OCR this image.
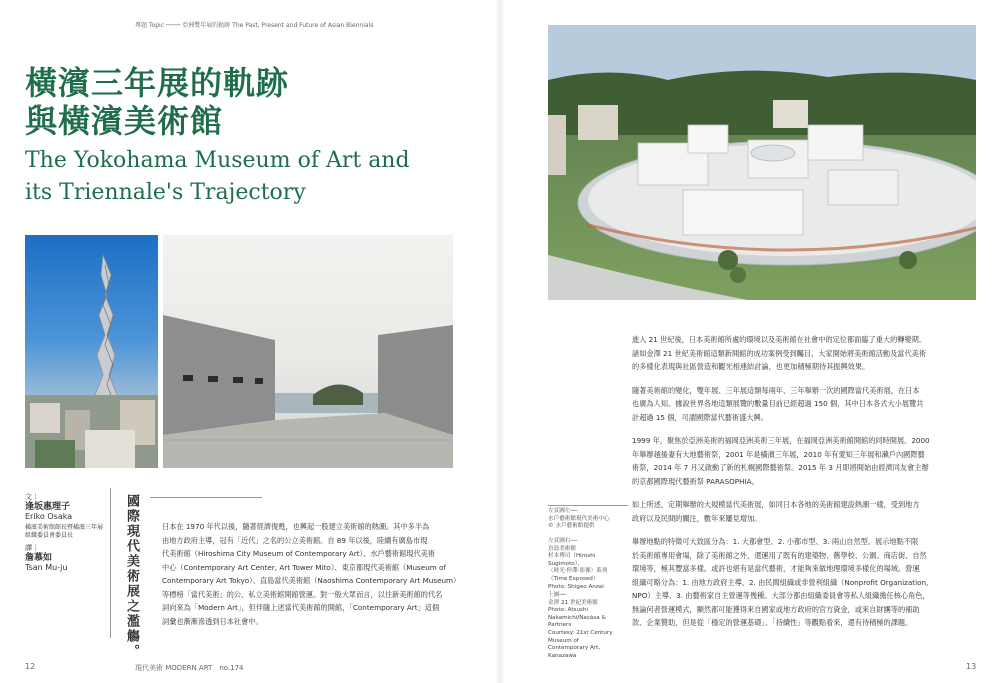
專題 Topic ──── 亞洲雙年展的軌跡 The Past, Present and Future of Asian Biennials
橫濱三年展的軌跡
與橫濱美術館
The Yokohama Museum of Art and
its Triennale's Trajectory
文｜
逢坂惠理子
Eriko Osaka
橫濱美術館館長暨橫濱三年展
組織委員會委員長
譯｜
詹慕如
Tsan Mu-ju	國際現代美術展之濫觴。	日本在 1970 年代以後，隨著經濟復甦，也興起一股建立美術館的熱潮。其中多半為
由地方政府主導，冠有「近代」之名的公立美術館。自 89 年以後，陸續有廣島市現
代美術館（Hiroshima City Museum of Contemporary Art）、水戶藝術館現代美術
中心（Contemporary Art Center, Art Tower Mito）、東京都現代美術館（Museum of
Contemporary Art Tokyo）、直島當代美術館（Naoshima Contemporary Art Museum）
等標榜「當代美術」的公、私立美術館開館營運。對一般大眾而言，以往新美術館的代名
詞向來為「Modern Art」，但伴隨上述當代美術館的開館，「Contemporary Art」這個
詞彙也漸漸滲透到日本社會中。
12	現代美術 MODERN ART　no.174
進入 21 世紀後，日本美術館所處的環境以及美術館在社會中的定位都面臨了重大的轉變期。
諸如金澤 21 世紀美術館這類新開館的成功案例受到矚目，大家開始將美術館活動及當代美術
的多樣化表現與社區營造和觀光相連結討論，也更加積極期待其振興效果。
隨著美術館的變化，雙年展、三年展這類每兩年、三年舉辦一次的國際當代美術展，在日本
也廣為人知。據說世界各地這類展覽的數量目前已經超過 150 個，其中日本各式大小展覽共
計超過 15 個，可謂國際當代藝術盛大興。
1999 年，聚焦於亞洲美術的福岡亞洲美術三年展，在福岡亞洲美術館開館的同時開展。2000
年舉辦越後妻有大地藝術祭，2001 年是橫濱三年展，2010 年有愛知三年展和瀨戶內國際藝
術祭，2014 年 7 月又啟動了新的札幌國際藝術祭。2015 年 3 月即將開始由經濟同友會主辦
的京都國際現代藝術祭 PARASOPHIA。
如上所述，定期舉辦的大規模當代美術展，如同日本各地的美術館建設熱潮一樣，受到地方
政府以及民間的關注，數年來屢見增加。
舉辦地點的特徵可大致區分為：1. 大都會型、2. 小都市型、3. 兩山自然型。展示地點不限
於美術館專用會場，除了美術館之外，還運用了既有的建築物、舊學校、公園、商店街、自然
環境等，極其豐富多樣。或許也堪有是當代藝術，才能夠來做地理環境多樣化的場域。營運
組織可略分為：1. 由地方政府主導、2. 由民間組織或非營利組織（Nonprofit Organization,
NPO）主導、3. 由藝術家自主營運等幾種。大部分都由組織委員會等私人組織擔任核心角色，
無論何者營運模式，顯然都可能獲得來自國家或地方政府的官方資金，或來自財團等的補助
款、企業贊助，但是從「穩定的營運基礎」、「持續性」等觀點看來，還有待積極的課題。
左頁圖左──
水戶藝術館現代美術中心
© 水戶藝術館提供
左頁圖右──
直島美術館
杉本博司（Hiroshi Sugimoto），
〈時光‧停滯‧影像〉系列
（Time Exposed）
Photo: Shigeo Anzai
上圖──
金澤 21 世紀美術館
Photo: Atsushi Nakamichi/Nacása &
Partners
Courtesy: 21st Century Museum of
Contemporary Art, Kanazawa
13
